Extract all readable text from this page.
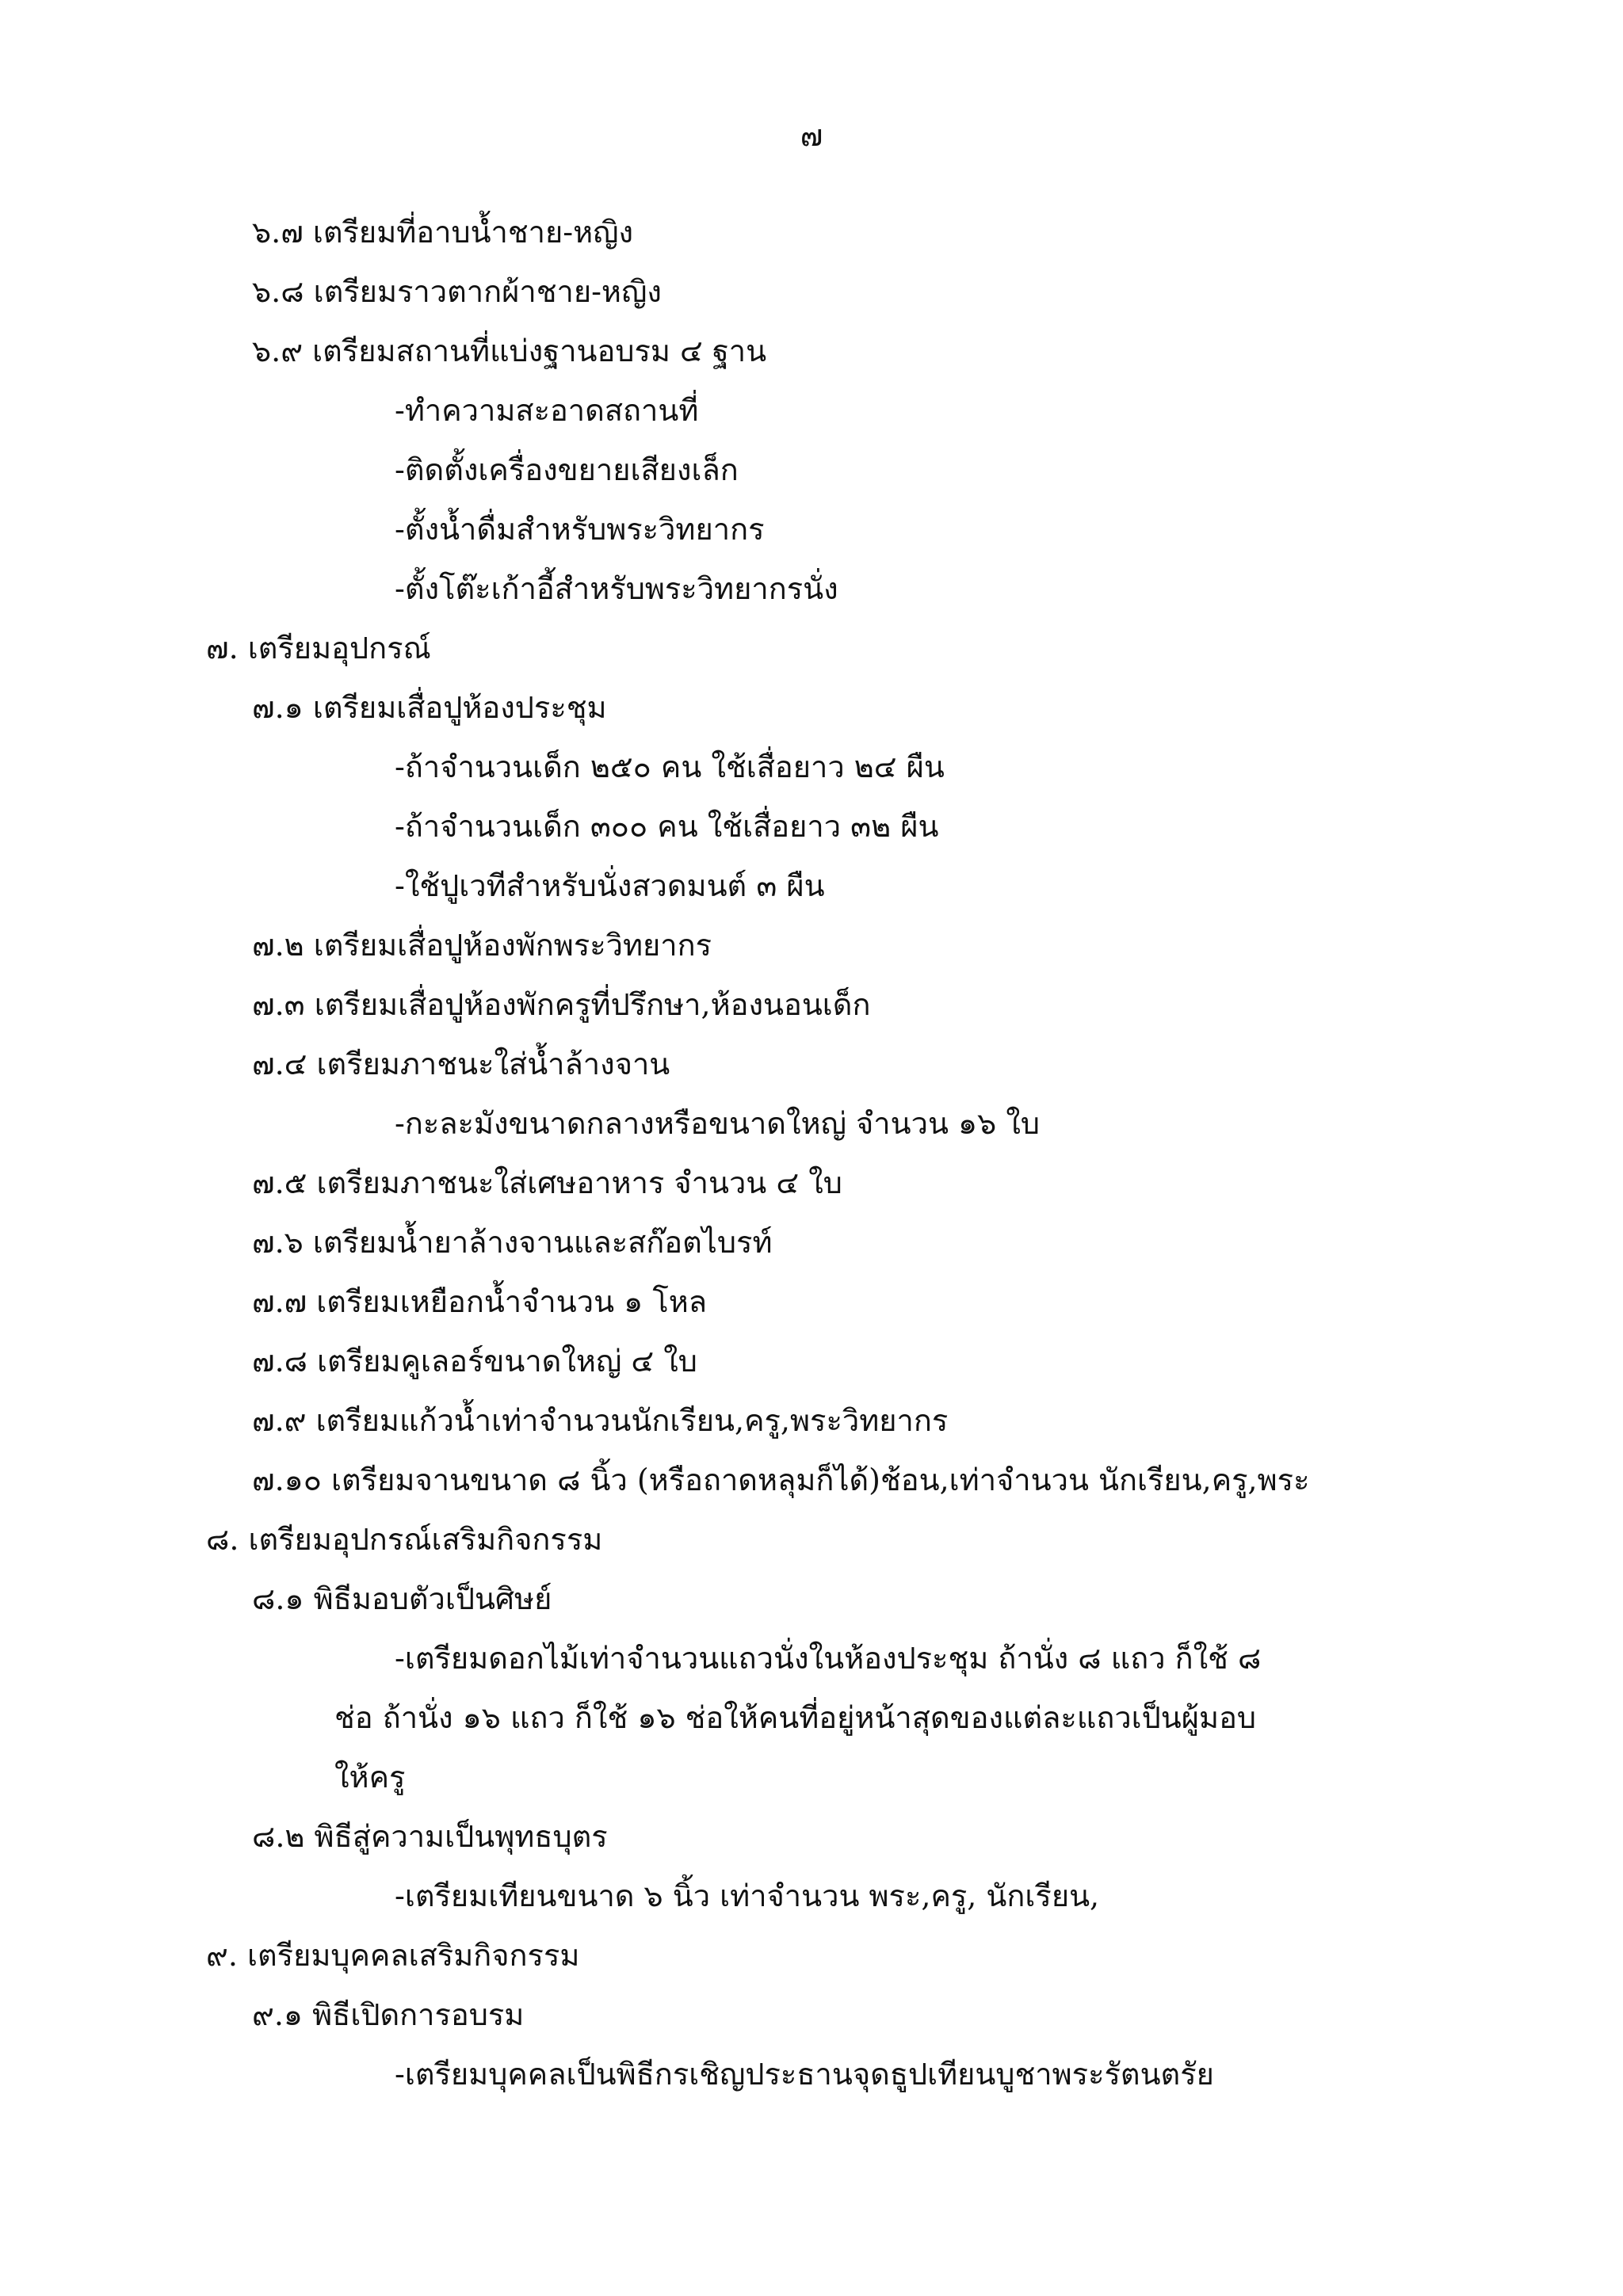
๗
๖.๗ เตรียมที่อาบน้ำชาย-หญิง
๖.๘ เตรียมราวตากผ้าชาย-หญิง
๖.๙ เตรียมสถานที่แบ่งฐานอบรม ๔ ฐาน
-ทำความสะอาดสถานที่
-ติดตั้งเครื่องขยายเสียงเล็ก
-ตั้งน้ำดื่มสำหรับพระวิทยากร
-ตั้งโต๊ะเก้าอี้สำหรับพระวิทยากรนั่ง
๗. เตรียมอุปกรณ์
๗.๑ เตรียมเสื่อปูห้องประชุม
-ถ้าจำนวนเด็ก ๒๕๐ คน ใช้เสื่อยาว ๒๔ ผืน
-ถ้าจำนวนเด็ก ๓๐๐ คน ใช้เสื่อยาว ๓๒ ผืน
-ใช้ปูเวทีสำหรับนั่งสวดมนต์ ๓ ผืน
๗.๒ เตรียมเสื่อปูห้องพักพระวิทยากร
๗.๓ เตรียมเสื่อปูห้องพักครูที่ปรึกษา,ห้องนอนเด็ก
๗.๔ เตรียมภาชนะใส่น้ำล้างจาน
-กะละมังขนาดกลางหรือขนาดใหญ่ จำนวน ๑๖ ใบ
๗.๕ เตรียมภาชนะใส่เศษอาหาร จำนวน ๔ ใบ
๗.๖ เตรียมน้ำยาล้างจานและสก๊อตไบรท์
๗.๗ เตรียมเหยือกน้ำจำนวน ๑ โหล
๗.๘ เตรียมคูเลอร์ขนาดใหญ่ ๔ ใบ
๗.๙ เตรียมแก้วน้ำเท่าจำนวนนักเรียน,ครู,พระวิทยากร
๗.๑๐ เตรียมจานขนาด ๘ นิ้ว (หรือถาดหลุมก็ได้)ช้อน,เท่าจำนวน นักเรียน,ครู,พระ
๘. เตรียมอุปกรณ์เสริมกิจกรรม
๘.๑ พิธีมอบตัวเป็นศิษย์
-เตรียมดอกไม้เท่าจำนวนแถวนั่งในห้องประชุม ถ้านั่ง ๘ แถว ก็ใช้ ๘
ช่อ ถ้านั่ง ๑๖ แถว ก็ใช้ ๑๖ ช่อให้คนที่อยู่หน้าสุดของแต่ละแถวเป็นผู้มอบ
ให้ครู
๘.๒ พิธีสู่ความเป็นพุทธบุตร
-เตรียมเทียนขนาด ๖ นิ้ว เท่าจำนวน พระ,ครู, นักเรียน,
๙. เตรียมบุคคลเสริมกิจกรรม
๙.๑ พิธีเปิดการอบรม
-เตรียมบุคคลเป็นพิธีกรเชิญประธานจุดธูปเทียนบูชาพระรัตนตรัย
